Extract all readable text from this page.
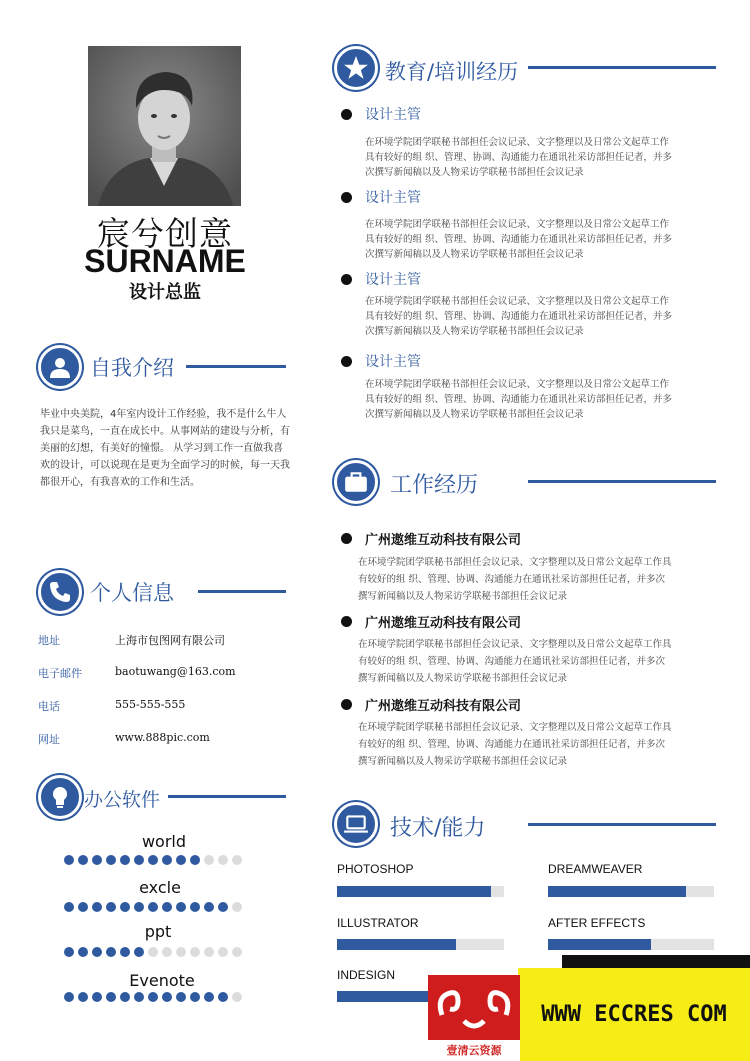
宸兮创意
SURNAME
设计总监
自我介绍
毕业中央美院，4年室内设计工作经验，我不是什么牛人我只是菜鸟，一直在成长中。从事网站的建设与分析，有美丽的幻想，有美好的憧憬。 从学习到工作一直做我喜欢的设计，可以说现在是更为全面学习的时候，每一天我都很开心，有我喜欢的工作和生活。
个人信息
地址	上海市包图网有限公司
电子邮件	baotuwang@163.com
电话	555-555-555
网址	www.888pic.com
办公软件
world
excle
ppt
Evenote
教育/培训经历
设计主管
在环境学院团学联秘书部担任会议记录、文字整理以及日常公文起草工作具有较好的组 织、管理、协调、沟通能力在通讯社采访部担任记者，并多次撰写新闻稿以及人物采访学联秘书部担任会议记录
设计主管
在环境学院团学联秘书部担任会议记录、文字整理以及日常公文起草工作具有较好的组 织、管理、协调、沟通能力在通讯社采访部担任记者，并多次撰写新闻稿以及人物采访学联秘书部担任会议记录
设计主管
在环境学院团学联秘书部担任会议记录、文字整理以及日常公文起草工作具有较好的组 织、管理、协调、沟通能力在通讯社采访部担任记者，并多次撰写新闻稿以及人物采访学联秘书部担任会议记录
设计主管
在环境学院团学联秘书部担任会议记录、文字整理以及日常公文起草工作具有较好的组 织、管理、协调、沟通能力在通讯社采访部担任记者，并多次撰写新闻稿以及人物采访学联秘书部担任会议记录
工作经历
广州遨维互动科技有限公司
在环境学院团学联秘书部担任会议记录、文字整理以及日常公文起草工作具有较好的组 织、管理、协调、沟通能力在通讯社采访部担任记者，并多次撰写新闻稿以及人物采访学联秘书部担任会议记录
广州遨维互动科技有限公司
在环境学院团学联秘书部担任会议记录、文字整理以及日常公文起草工作具有较好的组 织、管理、协调、沟通能力在通讯社采访部担任记者，并多次撰写新闻稿以及人物采访学联秘书部担任会议记录
广州遨维互动科技有限公司
在环境学院团学联秘书部担任会议记录、文字整理以及日常公文起草工作具有较好的组 织、管理、协调、沟通能力在通讯社采访部担任记者，并多次撰写新闻稿以及人物采访学联秘书部担任会议记录
技术/能力
PHOTOSHOP	DREAMWEAVER
ILLUSTRATOR	AFTER EFFECTS
INDESIGN
WWW ECCRES COM
壹清云资源
